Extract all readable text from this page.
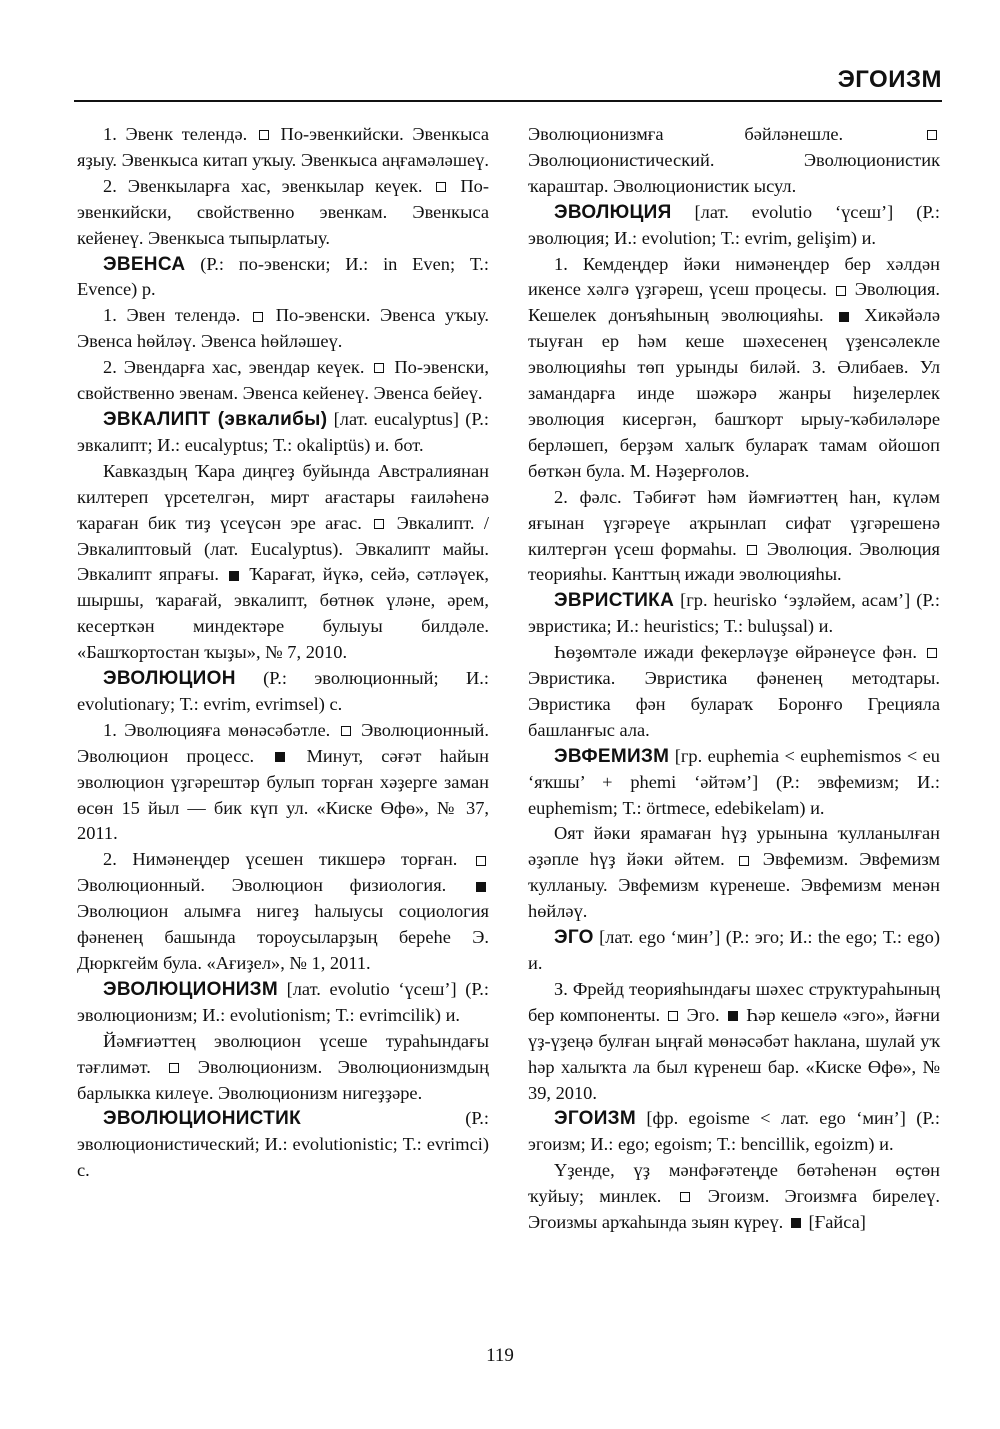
ЭГОИЗМ

1. Эвенк телендә.  По-эвенкийски. Эвенкыса яҙыу. Эвенкыса китап уҡыу. Эвенкыса аңғамәләшеү.

2. Эвенкыларға хас, эвенкылар кеүек.  По-эвенкийски, свойственно эвенкам. Эвенкыса кейенеү. Эвенкыса тыпырлатыу.

ЭВЕНСА (Р.: по-эвенски; И.: in Even; Т.: Evence) р.

1. Эвен телендә.  По-эвенски. Эвенса уҡыу. Эвенса һөйләү. Эвенса һөйләшеү.

2. Эвендарға хас, эвендар кеүек.  По-эвенски, свойственно эвенам. Эвенса кейенеү. Эвенса бейеү.

ЭВКАЛИПТ (эвкалибы) [лат. eucalyptus] (Р.: эвкалипт; И.: eucalyptus; Т.: okaliptüs) и. бот.

Кавказдың Ҡара диңгеҙ буйында Австралиянан килтереп үрсетелгән, мирт ағастары ғаиләһенә ҡараған бик тиҙ үсеүсән эре ағас.  Эвкалипт. / Эвкалиптовый (лат. Eucalyptus). Эвкалипт майы. Эвкалипт япрағы.  Ҡарағат, йүкә, сейә, сәтләүек, шыршы, ҡарағай, эвкалипт, бөтнөк үләне, әрем, кесерткән миндектәре булыуы билдәле. «Башҡортостан ҡыҙы», № 7, 2010.

ЭВОЛЮЦИОН (Р.: эволюционный; И.: evolutionary; Т.: evrim, evrimsel) с.

1. Эволюцияға мөнәсәбәтле.  Эволюционный. Эволюцион процесс.  Минут, сәғәт һайын эволюцион үҙгәрештәр булып торған хәҙерге заман өсөн 15 йыл — бик күп ул. «Киске Өфө», № 37, 2011.

2. Нимәнеңдер үсешен тикшерә торған.  Эволюционный. Эволюцион физиология.  Эволюцион алымға нигеҙ һалыусы социология фәненең башында тороусыларҙың береһе Э. Дюркгейм була. «Ағиҙел», № 1, 2011.

ЭВОЛЮЦИОНИЗМ [лат. evolutio ‘үсеш’] (Р.: эволюционизм; И.: evolutionism; Т.: evrimcilik) и.

Йәмғиәттең эволюцион үсеше тураһындағы тәғлимәт.  Эволюционизм. Эволюционизмдың барлыкка килеүе. Эволюционизм нигеҙҙәре.

ЭВОЛЮЦИОНИСТИК (Р.: эволюционистический; И.: evolutionistic; Т.: evrimci) с.

Эволюционизмға бәйләнешле.  Эволюционистический. Эволюционистик ҡараштар. Эволюционистик ысул.

ЭВОЛЮЦИЯ [лат. evolutio ‘үсеш’] (Р.: эволюция; И.: evolution; Т.: evrim, gelişim) и.

1. Кемдеңдер йәки нимәнеңдер бер хәлдән икенсе хәлгә үҙгәреш, үсеш процесы.  Эволюция. Кешелек донъяһының эволюцияһы.  Хикәйәлә тыуған ер һәм кеше шәхесенең үҙенсәлекле эволюцияһы төп урынды биләй. З. Әлибаев. Ул замандарға инде шәжәрә жанры һиҙелерлек эволюция кисергән, башҡорт ырыу-ҡәбиләләре берләшеп, берҙәм халыҡ булараҡ тамам ойошоп бөткән була. М. Нәҙерғолов.

2. фәлс. Тәбиғәт һәм йәмғиәттең һан, күләм яғынан үҙгәреүе аҡрынлап сифат үҙгәрешенә килтергән үсеш формаһы.  Эволюция. Эволюция теорияһы. Канттың ижади эволюцияһы.

ЭВРИСТИКА [гр. heurisko ‘эҙләйем, асам’] (Р.: эвристика; И.: heuristics; Т.: buluşsal) и.

Һөҙөмтәле ижади фекерләүҙе өйрәнеүсе фән.  Эвристика. Эвристика фәненең методтары. Эвристика фән булараҡ Боронғо Грецияла башланғыс ала.

ЭВФЕМИЗМ [гр. euphemia < euphemismos < eu ‘яҡшы’ + phemi ‘әйтәм’] (Р.: эвфемизм; И.: euphemism; Т.: örtmece, edebikelam) и.

Оят йәки ярамаған һүҙ урынына ҡулланылған әҙәпле һүҙ йәки әйтем.  Эвфемизм. Эвфемизм ҡулланыу. Эвфемизм күренеше. Эвфемизм менән һөйләү.

ЭГО [лат. ego ‘мин’] (Р.: эго; И.: the ego; Т.: ego) и.

З. Фрейд теорияһындағы шәхес структураһының бер компоненты.  Эго.  Һәр кешелә «эго», йәғни үҙ-үҙеңә булған ыңғай мөнәсәбәт һаклана, шулай уҡ һәр халыҡта ла был күренеш бар. «Киске Өфө», № 39, 2010.

ЭГОИЗМ [фр. egoisme < лат. ego ‘мин’] (Р.: эгоизм; И.: ego; egoism; Т.: bencillik, egoizm) и.

Үҙенде, үҙ мәнфәғәтеңде бөтәһенән өҫтөн ҡуйыу; минлек.  Эгоизм. Эгоизмға бирелеү. Эгоизмы арҡаһында зыян күреү.  [Ғайса]

119
